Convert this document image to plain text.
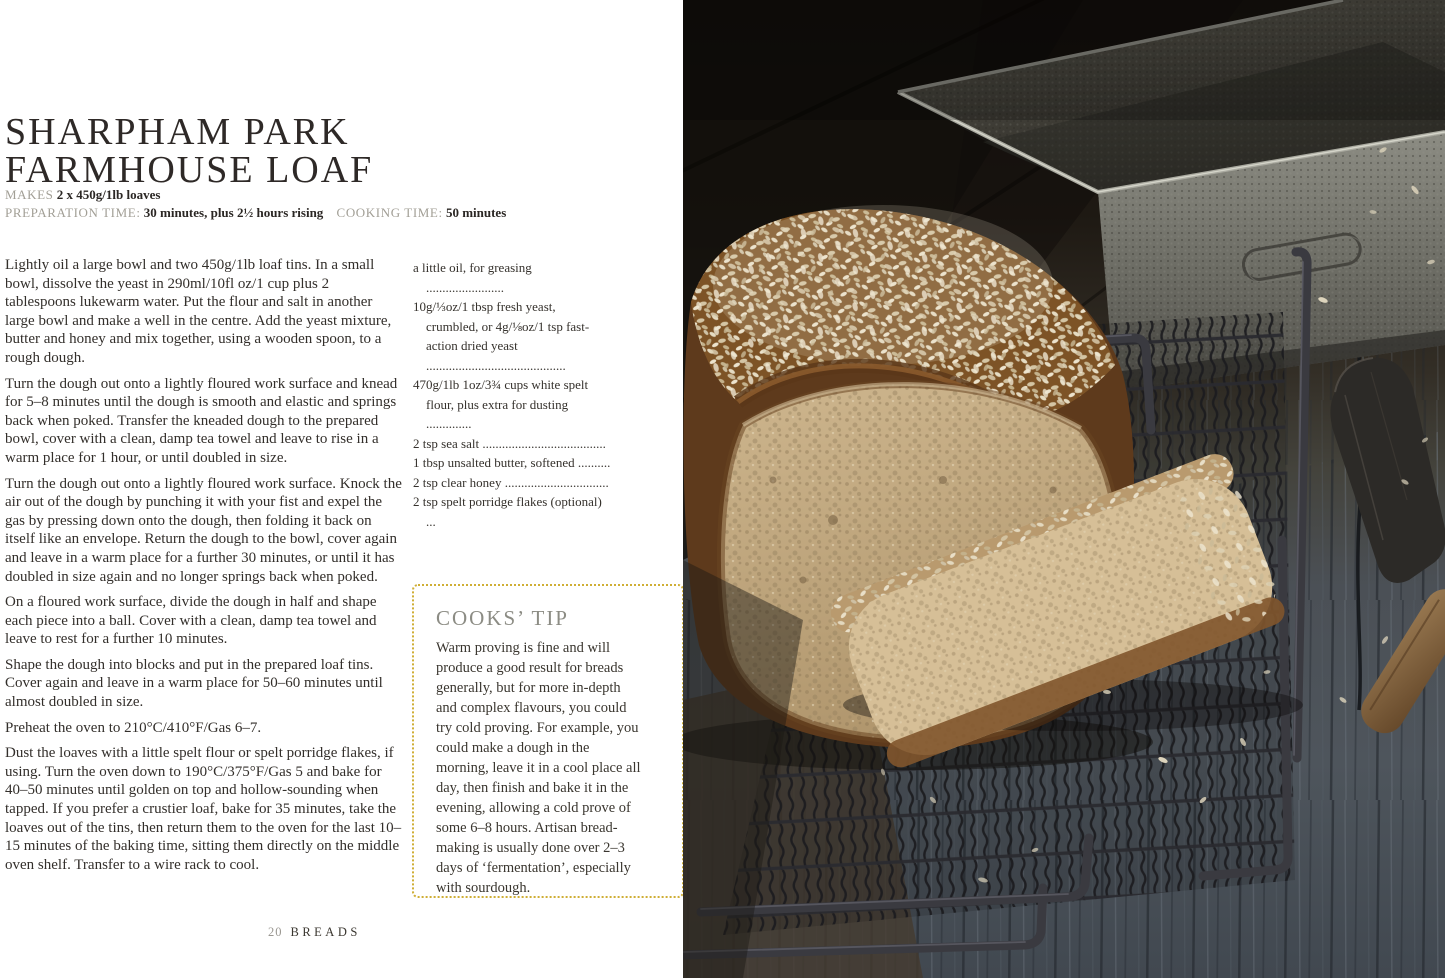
SHARPHAM PARK
FARMHOUSE LOAF
MAKES 2 x 450g/1lb loaves
PREPARATION TIME: 30 minutes, plus 2½ hours rising COOKING TIME: 50 minutes

Lightly oil a large bowl and two 450g/1lb loaf tins. In a small bowl, dissolve the yeast in 290ml/10fl oz/1 cup plus 2 tablespoons lukewarm water. Put the flour and salt in another large bowl and make a well in the centre. Add the yeast mixture, butter and honey and mix together, using a wooden spoon, to a rough dough.

Turn the dough out onto a lightly floured work surface and knead for 5–8 minutes until the dough is smooth and elastic and springs back when poked. Transfer the kneaded dough to the prepared bowl, cover with a clean, damp tea towel and leave to rise in a warm place for 1 hour, or until doubled in size.

Turn the dough out onto a lightly floured work surface. Knock the air out of the dough by punching it with your fist and expel the gas by pressing down onto the dough, then folding it back on itself like an envelope. Return the dough to the bowl, cover again and leave in a warm place for a further 30 minutes, or until it has doubled in size again and no longer springs back when poked.

On a floured work surface, divide the dough in half and shape each piece into a ball. Cover with a clean, damp tea towel and leave to rest for a further 10 minutes.

Shape the dough into blocks and put in the prepared loaf tins. Cover again and leave in a warm place for 50–60 minutes until almost doubled in size.

Preheat the oven to 210°C/410°F/Gas 6–7.

Dust the loaves with a little spelt flour or spelt porridge flakes, if using. Turn the oven down to 190°C/375°F/Gas 5 and bake for 40–50 minutes until golden on top and hollow-sounding when tapped. If you prefer a crustier loaf, bake for 35 minutes, take the loaves out of the tins, then return them to the oven for the last 10–15 minutes of the baking time, sitting them directly on the middle oven shelf. Transfer to a wire rack to cool.

a little oil, for greasing ........................
10g/⅓oz/1 tbsp fresh yeast, crumbled, or 4g/⅛oz/1 tsp fast-action dried yeast ...........................................
470g/1lb 1oz/3¾ cups white spelt flour, plus extra for dusting ..............
2 tsp sea salt ......................................
1 tbsp unsalted butter, softened ..........
2 tsp clear honey ................................
2 tsp spelt porridge flakes (optional) ...
COOKS’ TIP

Warm proving is fine and will produce a good result for breads generally, but for more in-depth and complex flavours, you could try cold proving. For example, you could make a dough in the morning, leave it in a cool place all day, then finish and bake it in the evening, allowing a cold prove of some 6–8 hours. Artisan bread-making is usually done over 2–3 days of ‘fermentation’, especially with sourdough.

20 BREADS
